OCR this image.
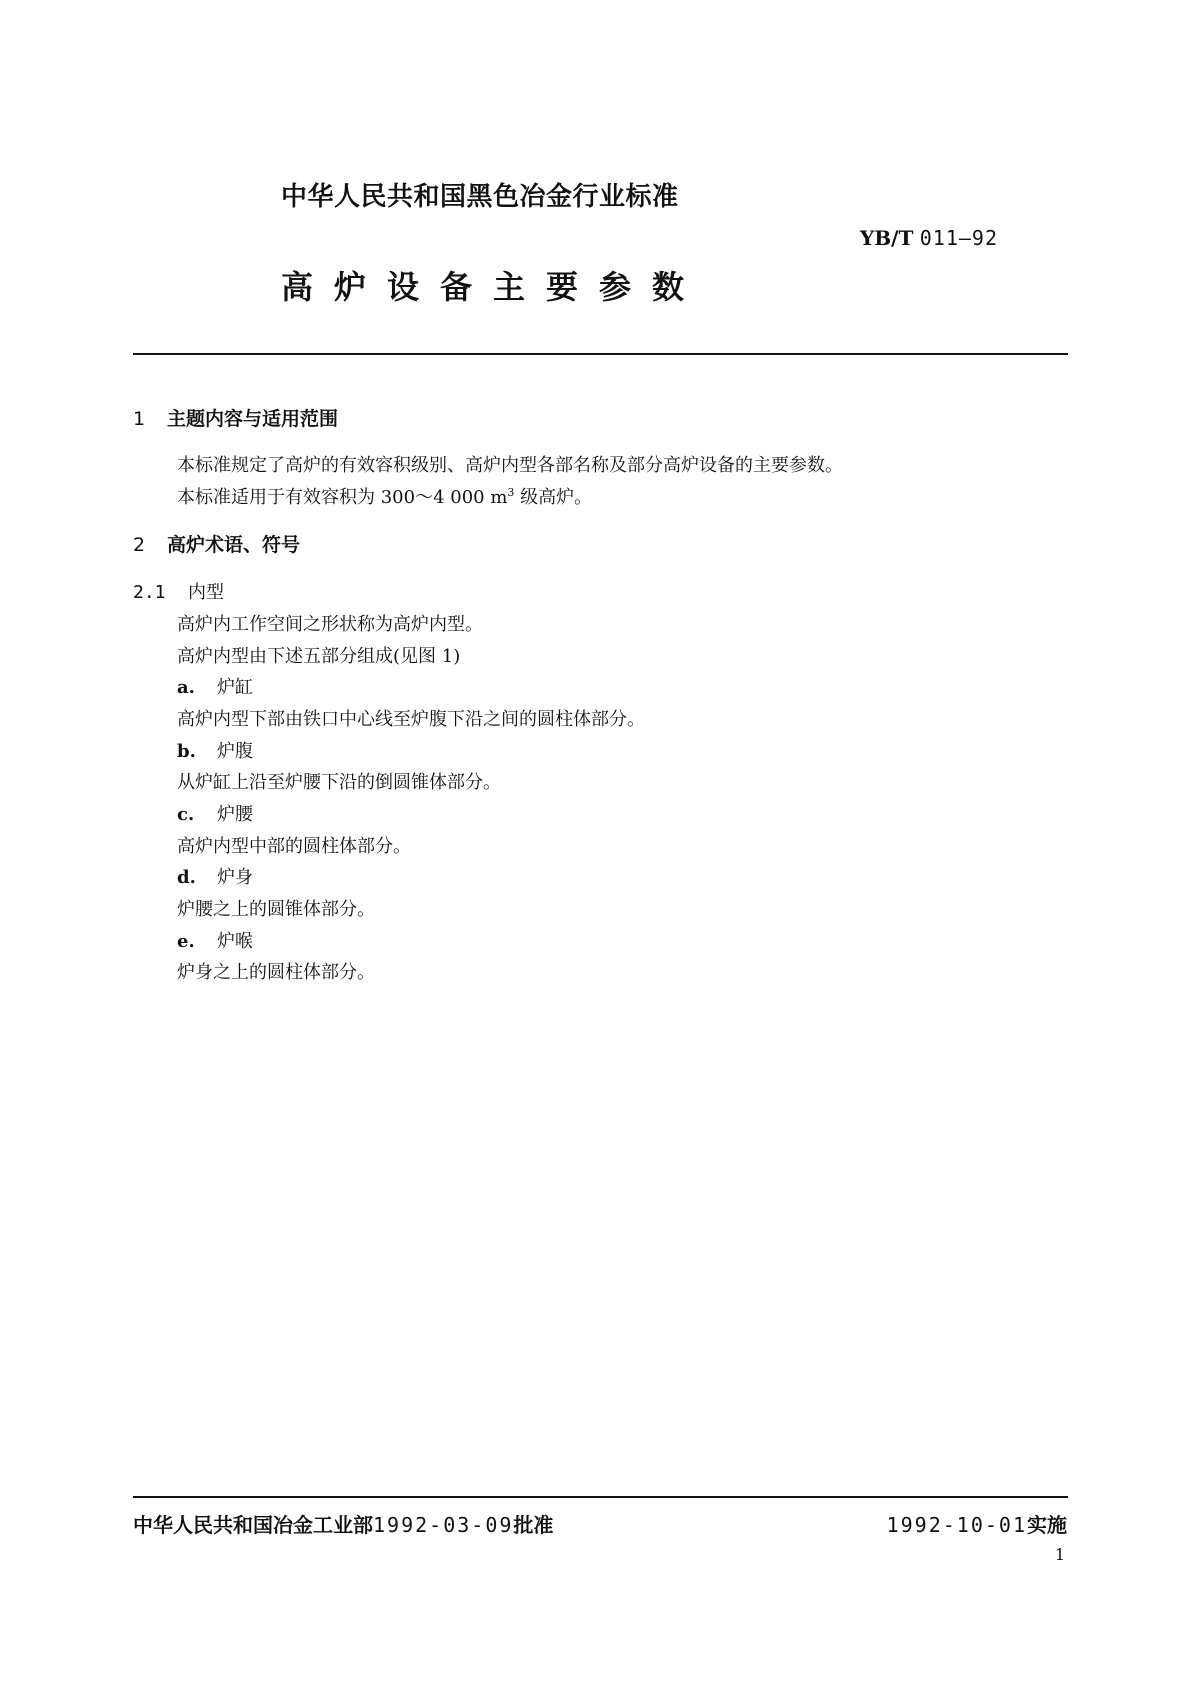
中华人民共和国黑色冶金行业标准
YB/T 011—92
高炉设备主要参数
1 主题内容与适用范围
本标准规定了高炉的有效容积级别、高炉内型各部名称及部分高炉设备的主要参数。
本标准适用于有效容积为 300～4 000 $m^3$ 级高炉。
2 高炉术语、符号
2.1 内型
高炉内工作空间之形状称为高炉内型。
高炉内型由下述五部分组成(见图 1)
a. 炉缸
高炉内型下部由铁口中心线至炉腹下沿之间的圆柱体部分。
b. 炉腹
从炉缸上沿至炉腰下沿的倒圆锥体部分。
c. 炉腰
高炉内型中部的圆柱体部分。
d. 炉身
炉腰之上的圆锥体部分。
e. 炉喉
炉身之上的圆柱体部分。
中华人民共和国冶金工业部1992-03-09批准	1992-10-01实施
1
